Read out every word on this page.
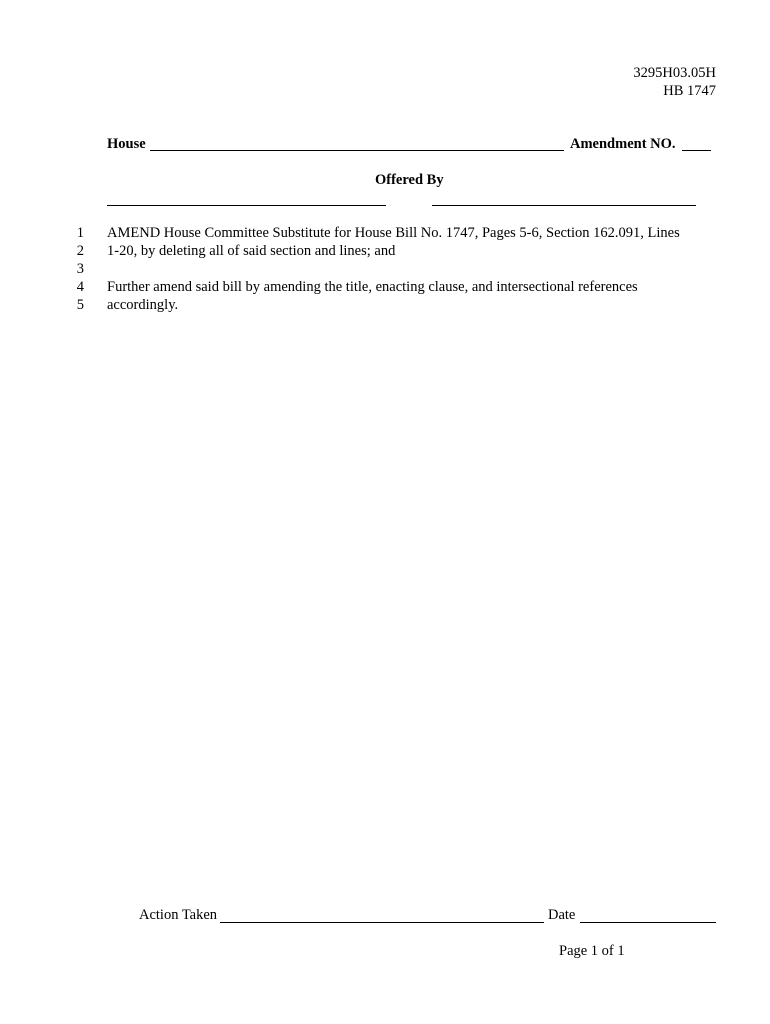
3295H03.05H
HB 1747
House	Amendment NO.
Offered By
1 AMEND House Committee Substitute for House Bill No. 1747, Pages 5-6, Section 162.091, Lines
2 1-20, by deleting all of said section and lines; and
3
4 Further amend said bill by amending the title, enacting clause, and intersectional references
5 accordingly.
Action Taken	Date
Page 1 of 1
